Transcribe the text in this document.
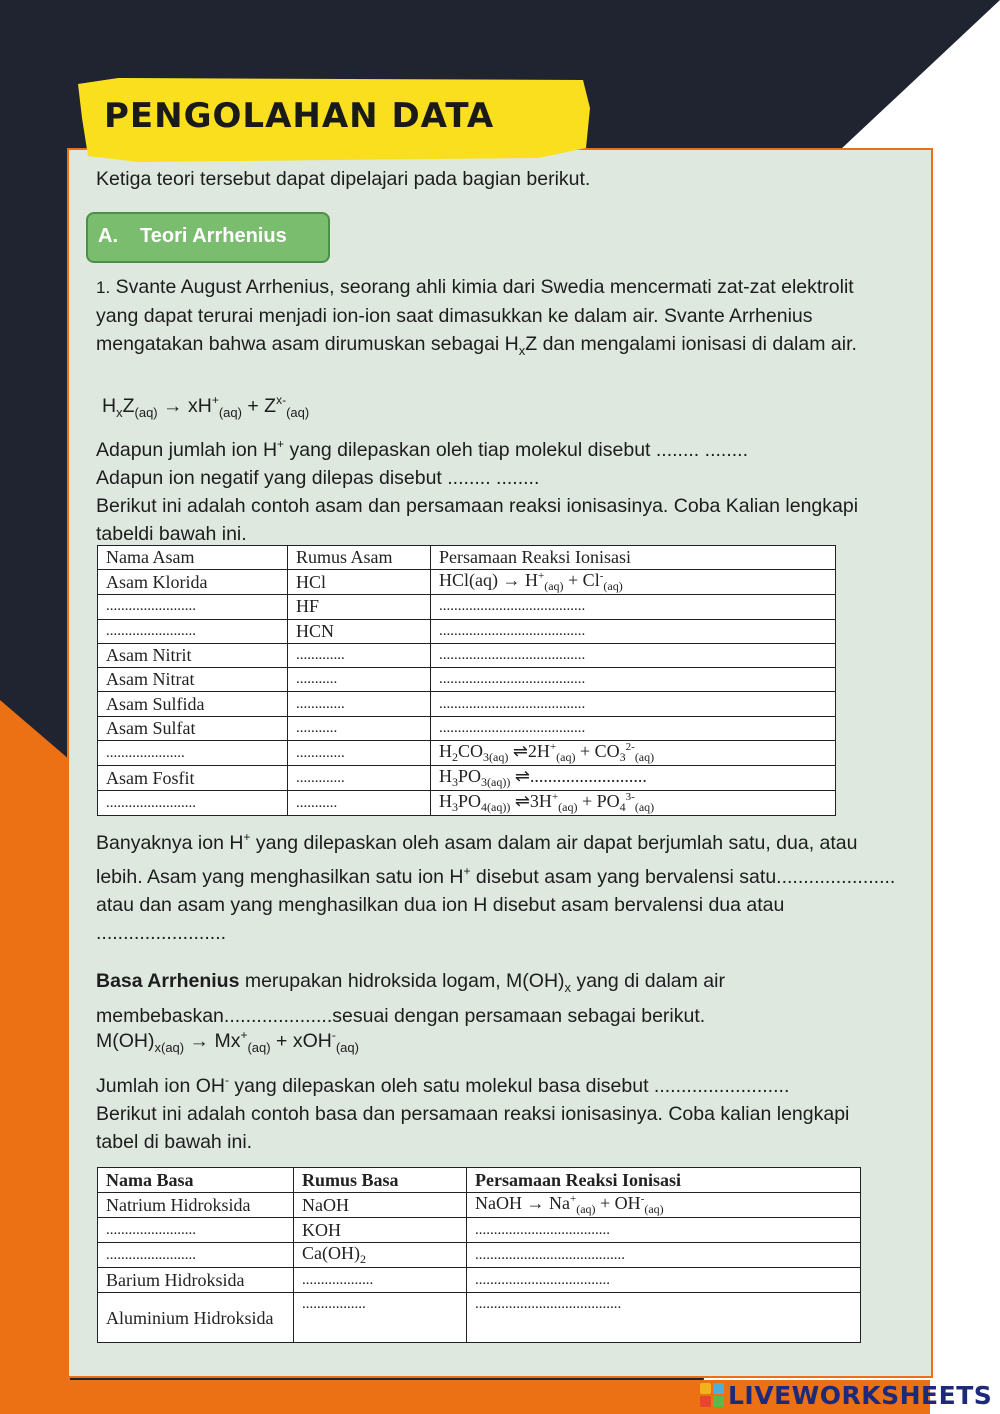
PENGOLAHAN DATA
Ketiga teori tersebut dapat dipelajari pada bagian berikut.
A. Teori Arrhenius
1. Svante August Arrhenius, seorang ahli kimia dari Swedia mencermati zat-zat elektrolit yang dapat terurai menjadi ion-ion saat dimasukkan ke dalam air. Svante Arrhenius mengatakan bahwa asam dirumuskan sebagai $H_xZ$ dan mengalami ionisasi di dalam air.
$H_xZ_{(aq)} \to xH^+_{(aq)} + Z^{x-}_{(aq)}$
Adapun jumlah ion H+ yang dilepaskan oleh tiap molekul disebut ........ ........
Adapun ion negatif yang dilepas disebut ........ ........
Berikut ini adalah contoh asam dan persamaan reaksi ionisasinya. Coba Kalian lengkapi tabeldi bawah ini.
Nama Asam	Rumus Asam	Persamaan Reaksi Ionisasi
Asam Klorida	HCl	$HCl(aq) \to H^+_{(aq)} + Cl^-_{(aq)}$
........................	HF	.......................................
........................	HCN	.......................................
Asam Nitrit	.............	.......................................
Asam Nitrat	...........	.......................................
Asam Sulfida	.............	.......................................
Asam Sulfat	...........	.......................................
.....................	.............	$H_2CO_{3(aq)}$ $\rightleftharpoons 2H^+_{(aq)} + CO_3^{2-}_{(aq)}$
Asam Fosfit	.............	$H_3PO_{3(aq))}$ ⇌..........................
........................	...........	$H_3PO_{4(aq))}$ $\rightleftharpoons 3H^+_{(aq)} + PO_4^{3-}_{(aq)}$
Banyaknya ion H+ yang dilepaskan oleh asam dalam air dapat berjumlah satu, dua, atau lebih. Asam yang menghasilkan satu ion H+ disebut asam yang bervalensi satu...................... atau dan asam yang menghasilkan dua ion H disebut asam bervalensi dua atau ........................
Basa Arrhenius merupakan hidroksida logam, $M(OH)_x$ yang di dalam air membebaskan....................sesuai dengan persamaan sebagai berikut.
$M(OH)_{x(aq)} \to Mx^+_{(aq)} + xOH^-_{(aq)}$
Jumlah ion OH- yang dilepaskan oleh satu molekul basa disebut .........................
Berikut ini adalah contoh basa dan persamaan reaksi ionisasinya. Coba kalian lengkapi tabel di bawah ini.
Nama Basa	Rumus Basa	Persamaan Reaksi Ionisasi
Natrium Hidroksida	NaOH	NaOH → $Na^+_{(aq)} + OH^-_{(aq)}$
........................	KOH	....................................
........................	$Ca(OH)_2$	........................................
Barium Hidroksida	...................	....................................
Aluminium Hidroksida	.................	.......................................
LIVEWORKSHEETS
